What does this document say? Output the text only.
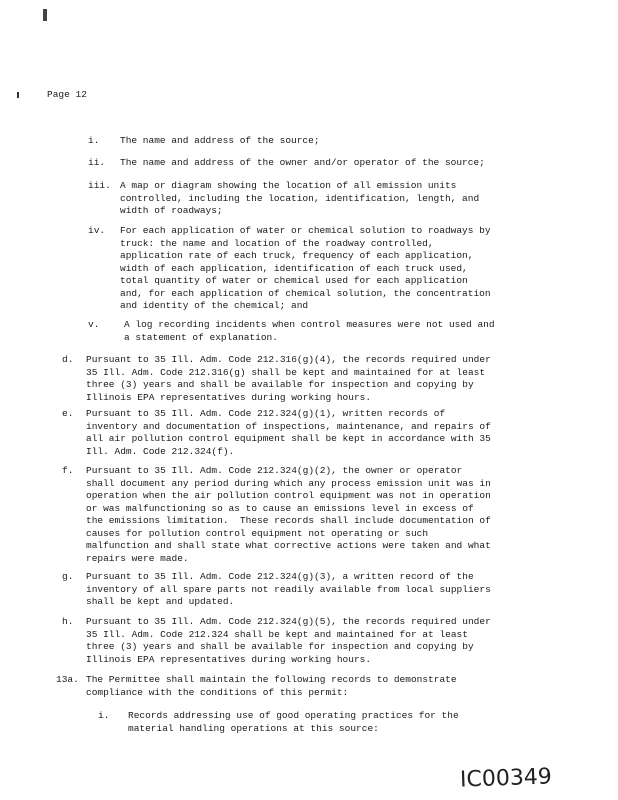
Page 12
i. The name and address of the source;
ii. The name and address of the owner and/or operator of the source;
iii. A map or diagram showing the location of all emission units
controlled, including the location, identification, length, and
width of roadways;
iv. For each application of water or chemical solution to roadways by
truck: the name and location of the roadway controlled,
application rate of each truck, frequency of each application,
width of each application, identification of each truck used,
total quantity of water or chemical used for each application
and, for each application of chemical solution, the concentration
and identity of the chemical; and
v.	A log recording incidents when control measures were not used and
a statement of explanation.
d. Pursuant to 35 Ill. Adm. Code 212.316(g)(4), the records required under
35 Ill. Adm. Code 212.316(g) shall be kept and maintained for at least
three (3) years and shall be available for inspection and copying by
Illinois EPA representatives during working hours.
e. Pursuant to 35 Ill. Adm. Code 212.324(g)(1), written records of
inventory and documentation of inspections, maintenance, and repairs of
all air pollution control equipment shall be kept in accordance with 35
Ill. Adm. Code 212.324(f).
f. Pursuant to 35 Ill. Adm. Code 212.324(g)(2), the owner or operator
shall document any period during which any process emission unit was in
operation when the air pollution control equipment was not in operation
or was malfunctioning so as to cause an emissions level in excess of
the emissions limitation.  These records shall include documentation of
causes for pollution control equipment not operating or such
malfunction and shall state what corrective actions were taken and what
repairs were made.
g. Pursuant to 35 Ill. Adm. Code 212.324(g)(3), a written record of the
inventory of all spare parts not readily available from local suppliers
shall be kept and updated.
h. Pursuant to 35 Ill. Adm. Code 212.324(g)(5), the records required under
35 Ill. Adm. Code 212.324 shall be kept and maintained for at least
three (3) years and shall be available for inspection and copying by
Illinois EPA representatives during working hours.
13a. The Permittee shall maintain the following records to demonstrate
compliance with the conditions of this permit:
i. Records addressing use of good operating practices for the
material handling operations at this source:
IC00349
